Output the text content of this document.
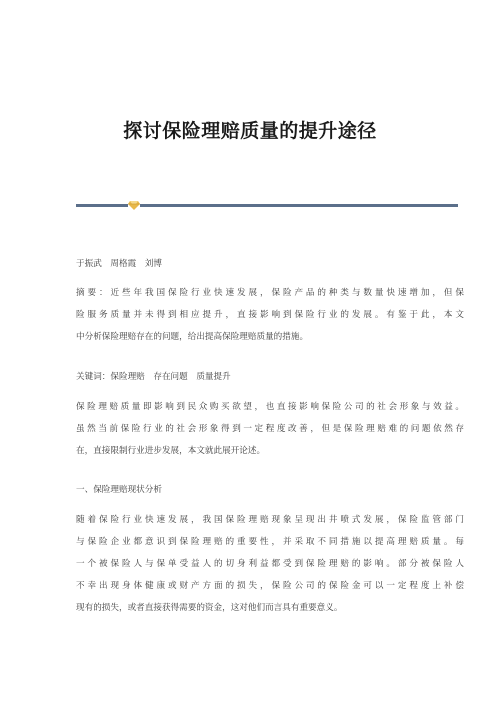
探讨保险理赔质量的提升途径
于振武　周格霞　刘博
摘要：近些年我国保险行业快速发展，保险产品的种类与数量快速增加，但保
险服务质量并未得到相应提升，直接影响到保险行业的发展。有鉴于此，本文
中分析保险理赔存在的问题，给出提高保险理赔质量的措施。
关键词：保险理赔　存在问题　质量提升
保险理赔质量即影响到民众购买欲望，也直接影响保险公司的社会形象与效益。
虽然当前保险行业的社会形象得到一定程度改善，但是保险理赔难的问题依然存
在，直接限制行业进步发展，本文就此展开论述。
一、保险理赔现状分析
随着保险行业快速发展，我国保险理赔现象呈现出井喷式发展，保险监管部门
与保险企业都意识到保险理赔的重要性，并采取不同措施以提高理赔质量。每
一个被保险人与保单受益人的切身利益都受到保险理赔的影响。部分被保险人
不幸出现身体健康或财产方面的损失，保险公司的保险金可以一定程度上补偿
现有的损失，或者直接获得需要的资金，这对他们而言具有重要意义。
